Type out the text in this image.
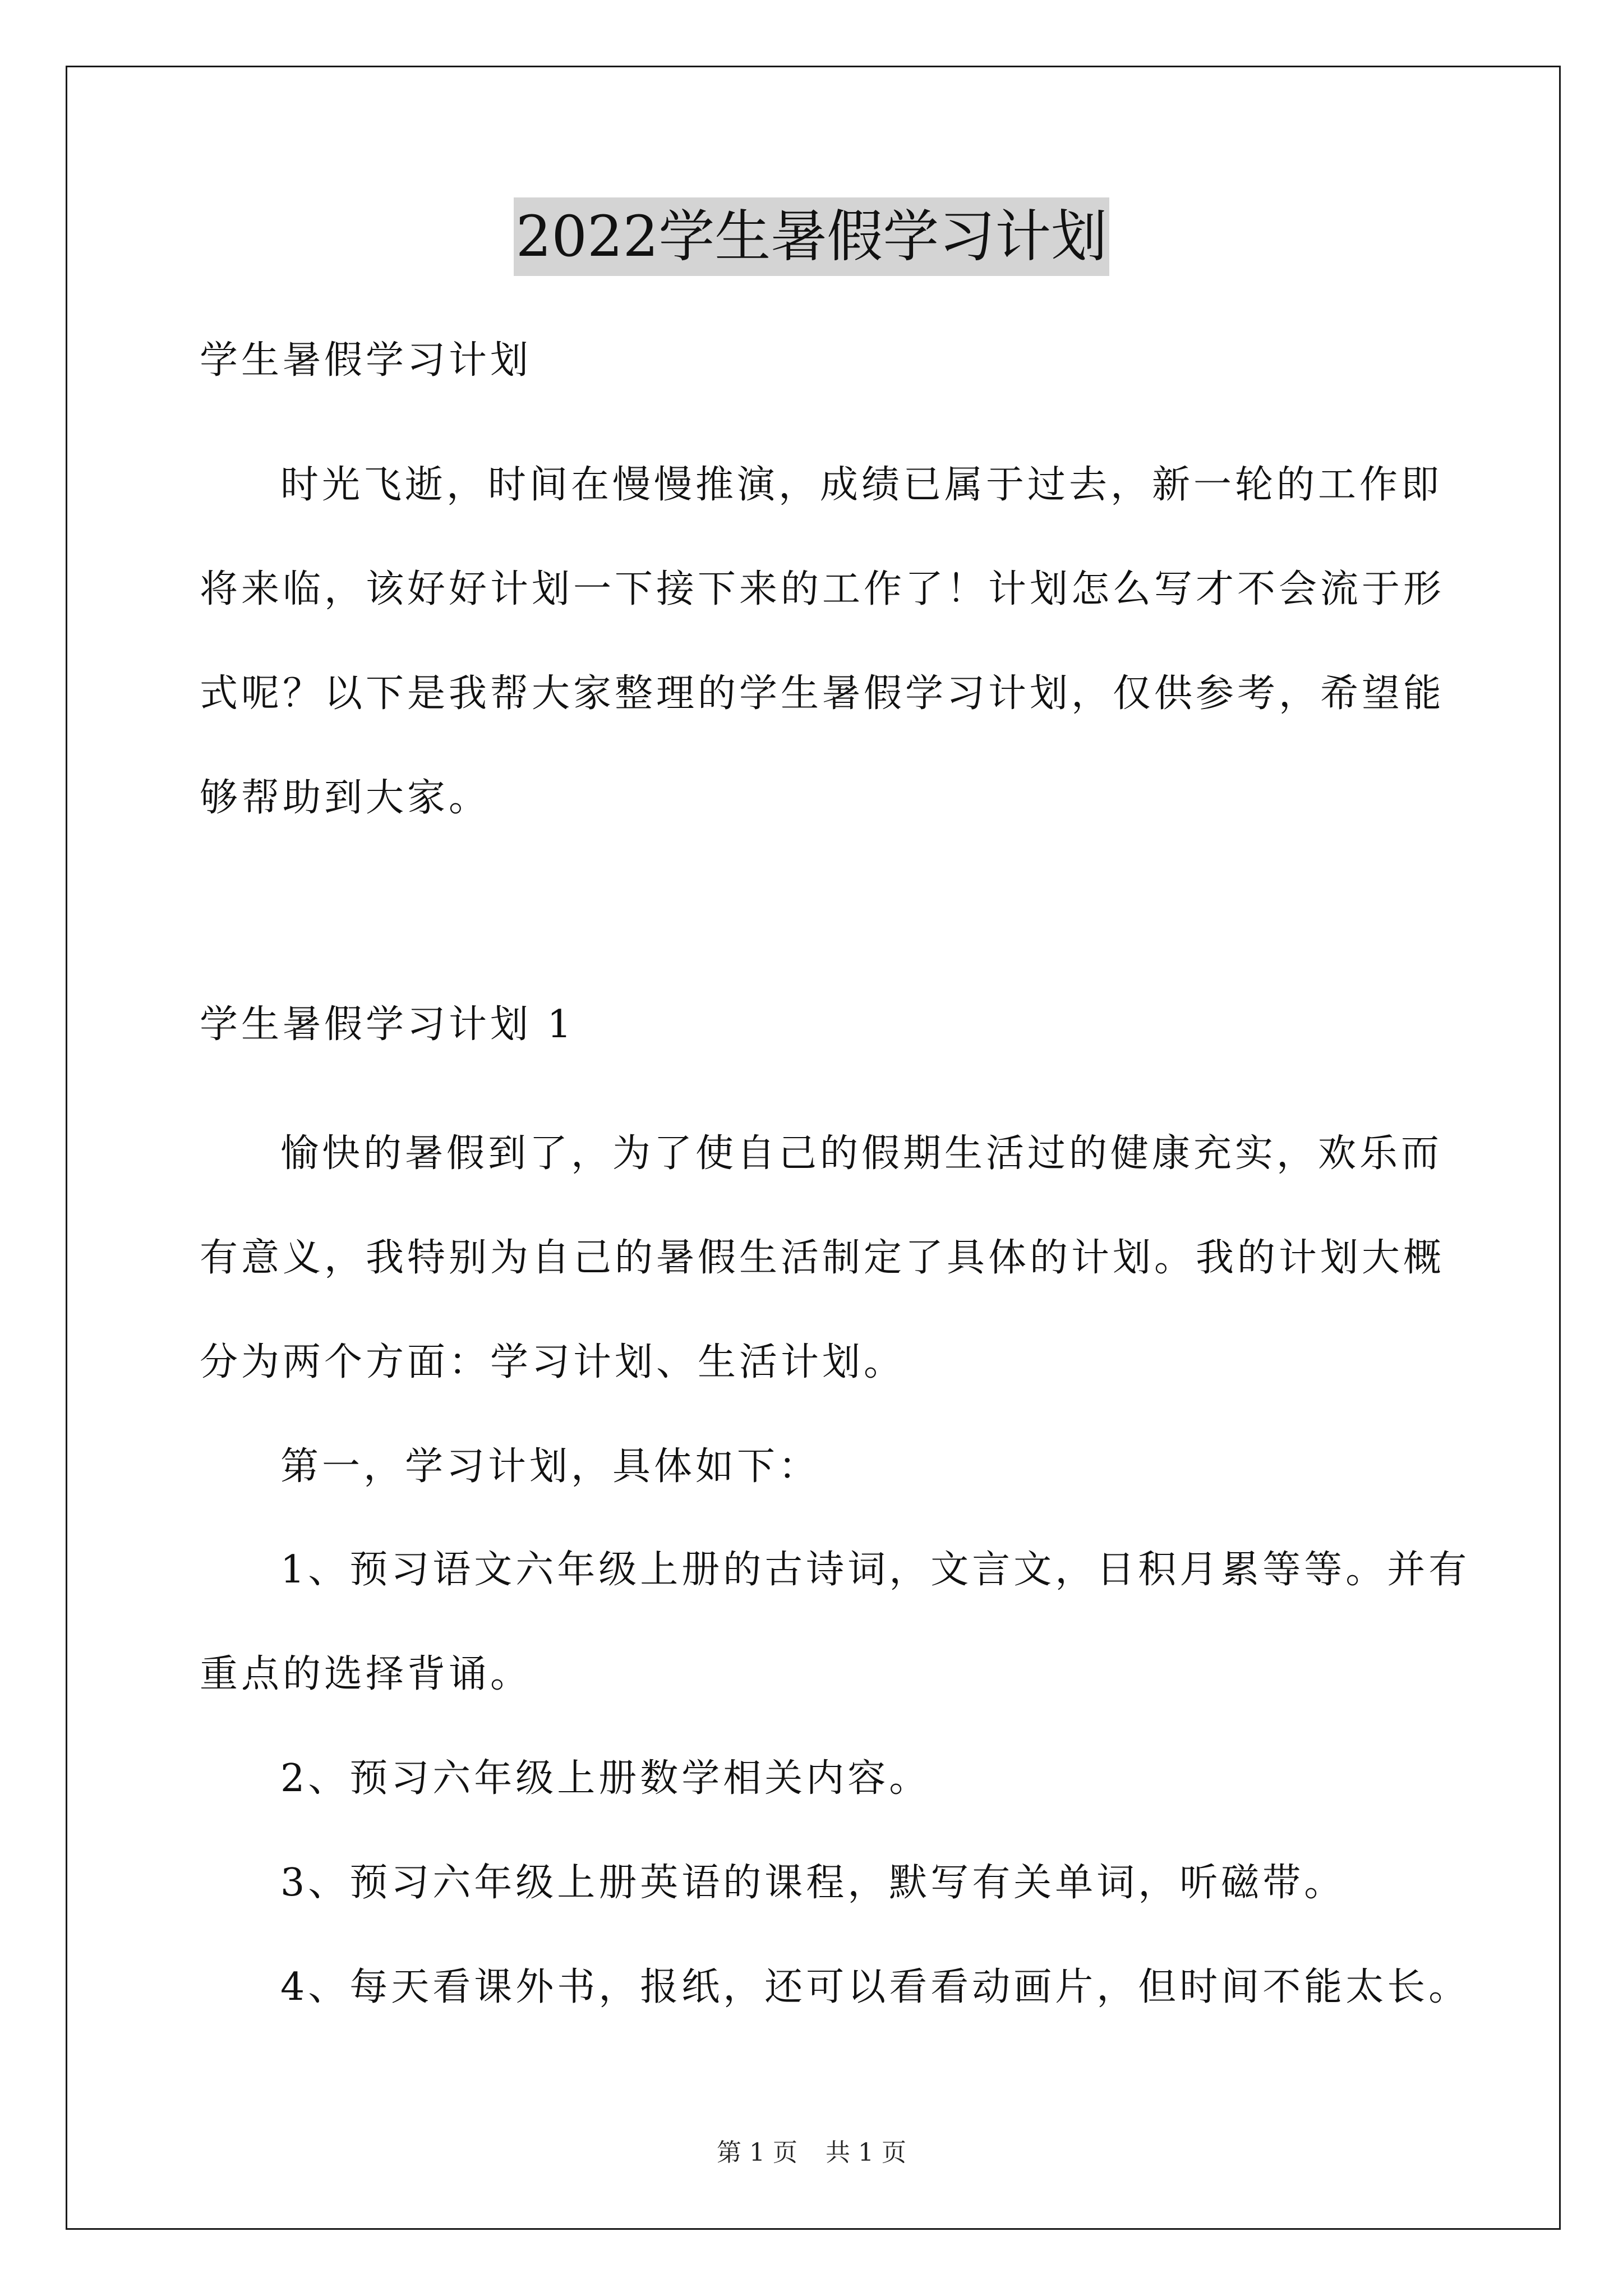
2022学生暑假学习计划
学生暑假学习计划
时光飞逝，时间在慢慢推演，成绩已属于过去，新一轮的工作即
将来临，该好好计划一下接下来的工作了！计划怎么写才不会流于形
式呢？以下是我帮大家整理的学生暑假学习计划，仅供参考，希望能
够帮助到大家。
学生暑假学习计划 1
愉快的暑假到了，为了使自己的假期生活过的健康充实，欢乐而
有意义，我特别为自己的暑假生活制定了具体的计划。我的计划大概
分为两个方面：学习计划、生活计划。
第一，学习计划，具体如下：
1、预习语文六年级上册的古诗词，文言文，日积月累等等。并有
重点的选择背诵。
2、预习六年级上册数学相关内容。
3、预习六年级上册英语的课程，默写有关单词，听磁带。
4、每天看课外书，报纸，还可以看看动画片，但时间不能太长。
第 1 页 共 1 页
